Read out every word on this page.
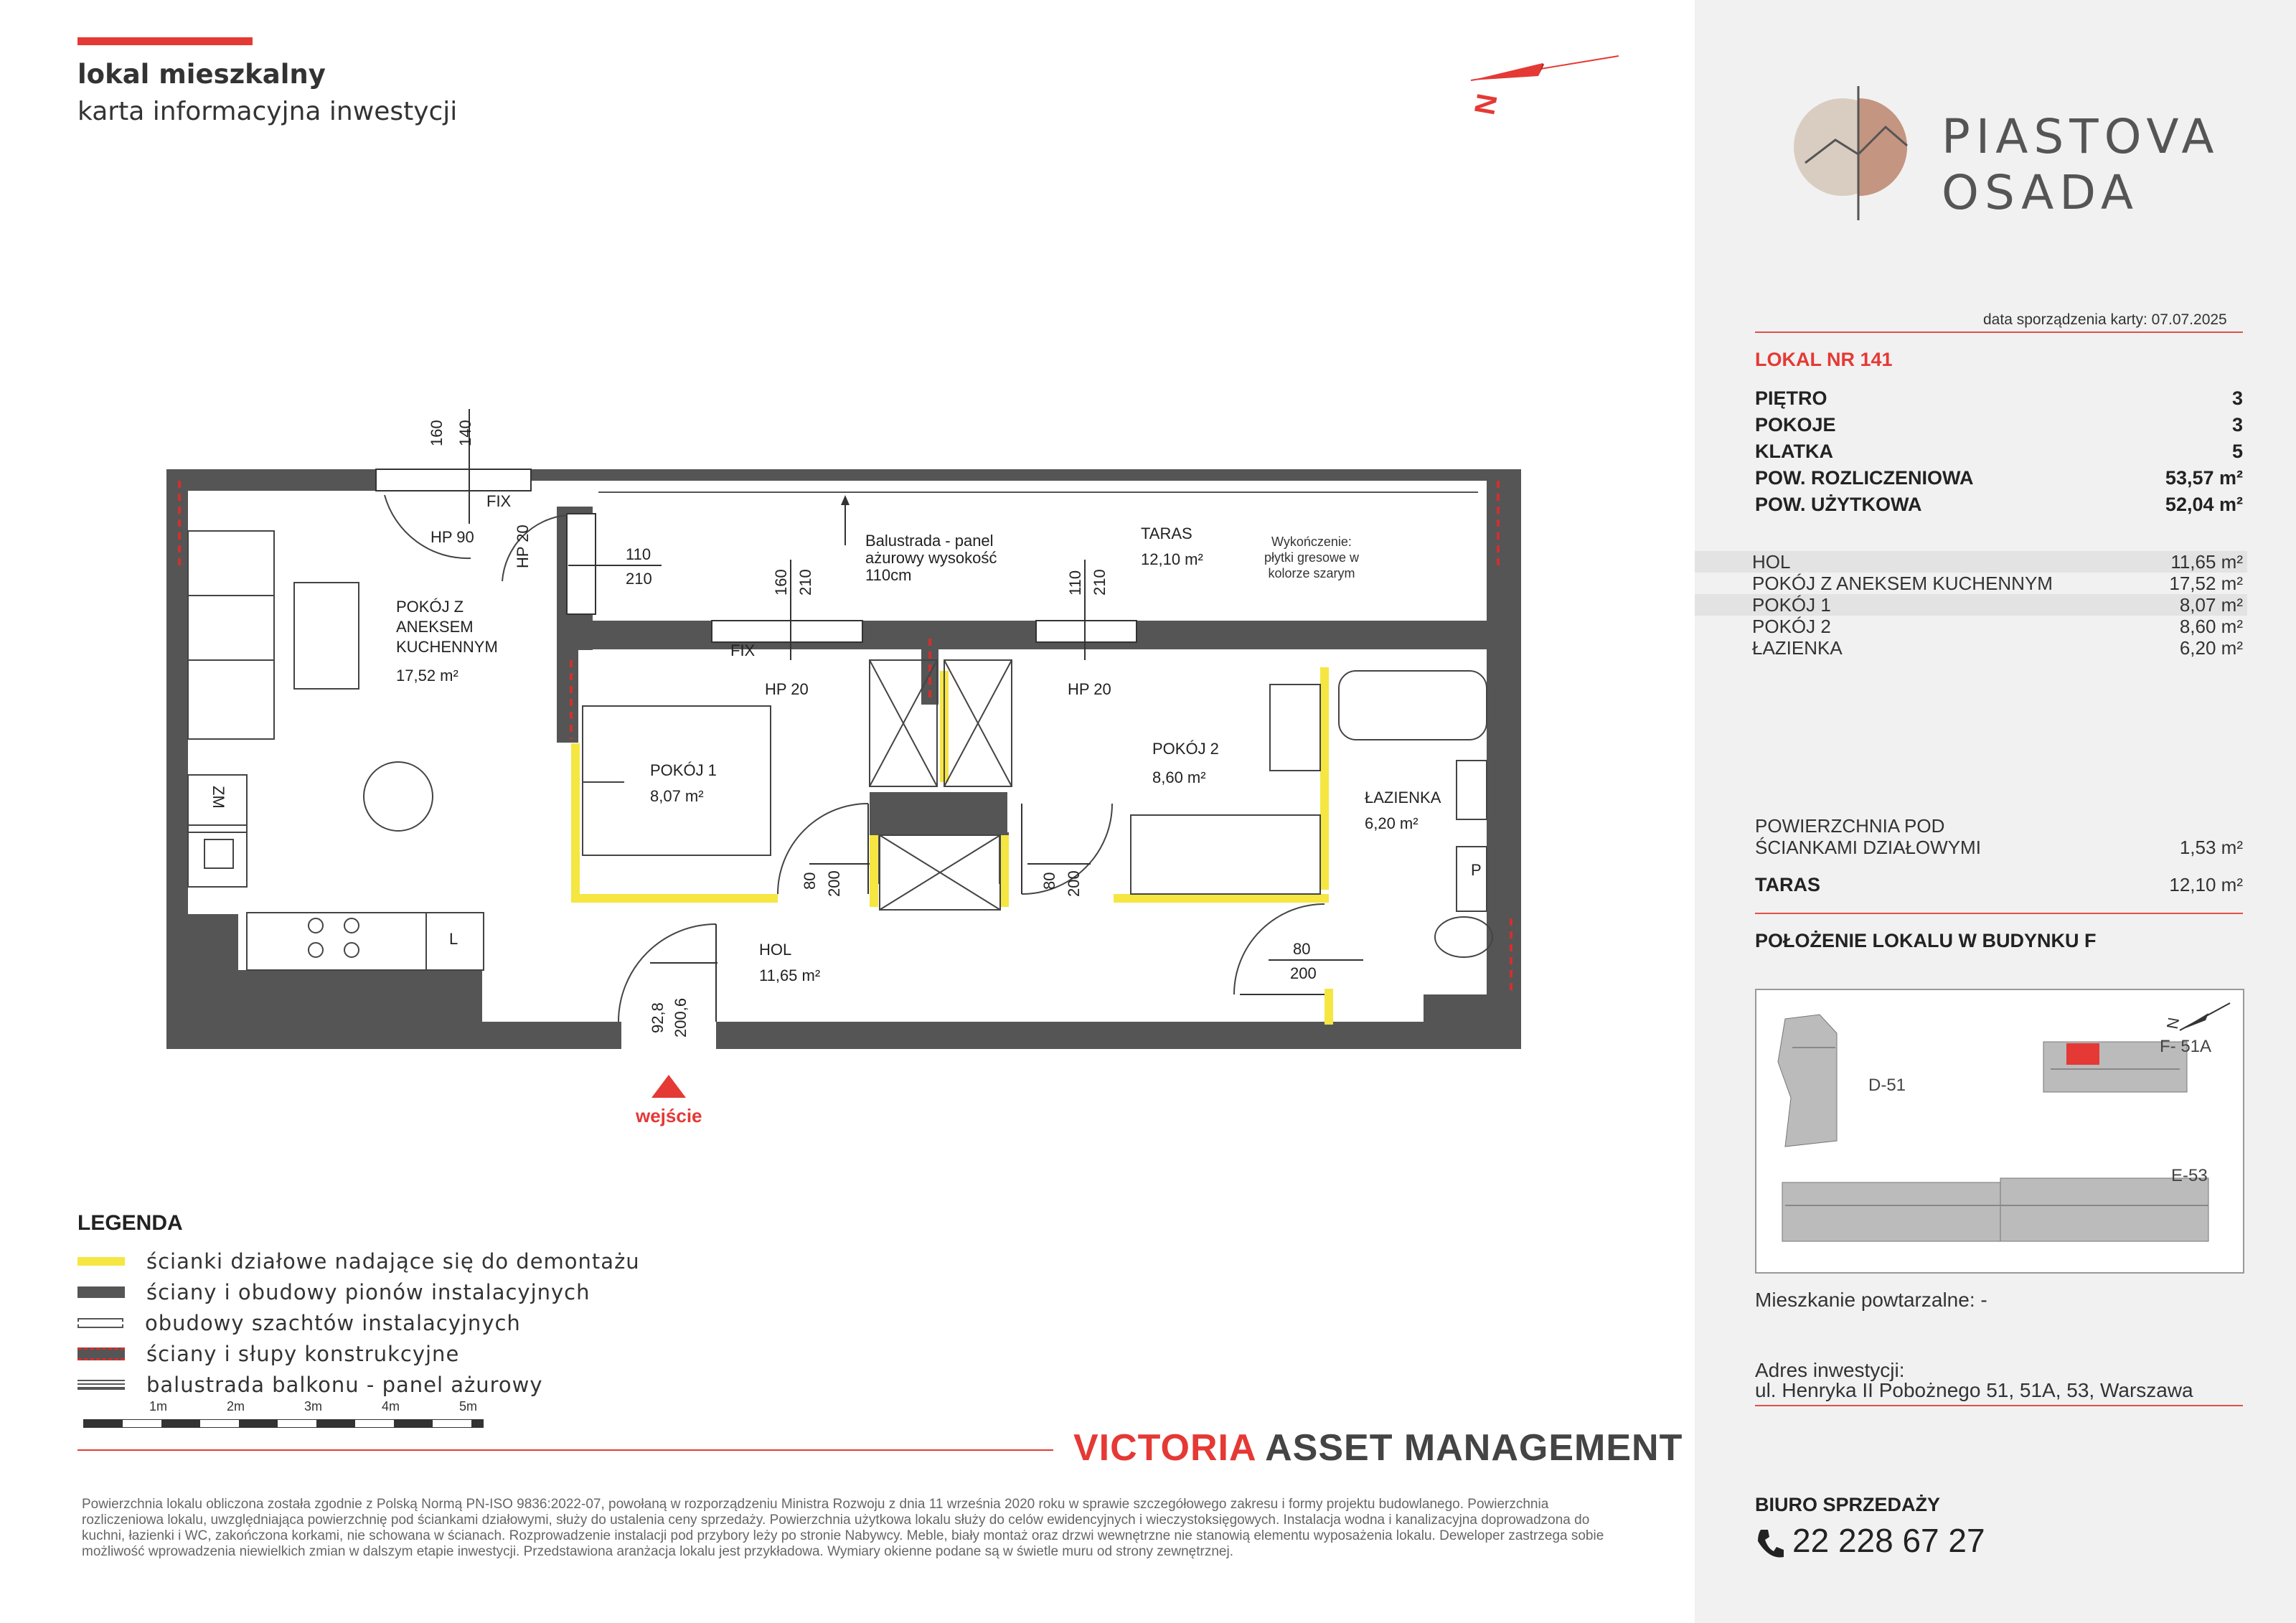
lokal mieszkalny
karta informacyjna inwestycji	N
PIASTOVA
OSADA
data sporządzenia karty: 07.07.2025
LOKAL NR 141
PIĘTRO	3
POKOJE	3
KLATKA	5
POW. ROZLICZENIOWA	53,57 m²
POW. UŻYTKOWA	52,04 m²
HOL	11,65 m²
POKÓJ Z ANEKSEM KUCHENNYM	17,52 m²
POKÓJ 1	8,07 m²
POKÓJ 2	8,60 m²
ŁAZIENKA	6,20 m²
POWIERZCHNIA POD
ŚCIANKAMI DZIAŁOWYMI	1,53 m²
TARAS	12,10 m²
POŁOŻENIE LOKALU W BUDYNKU F
N
D-51
F- 51A
E-53
Mieszkanie powtarzalne: -
Adres inwestycji:
ul. Henryka II Pobożnego 51, 51A, 53, Warszawa
BIURO SPRZEDAŻY
22 228 67 27
POKÓJ Z
ANEKSEM
KUCHENNYM
17,52 m²
POKÓJ 1
8,07 m²
POKÓJ 2
8,60 m²
ŁAZIENKA
6,20 m²
HOL
11,65 m²
TARAS
12,10 m²
Balustrada - panel
ażurowy wysokość
110cm
Wykończenie:
płytki gresowe w
kolorze szarym
HP 90
FIX
FIX
HP 20	HP 20
HP 20
ZM
L
P
160 140
110
210	160 210	110 210
80 200	80 200
80
200
92,8 200,6
wejście
LEGENDA
ścianki działowe nadające się do demontażu
ściany i obudowy pionów instalacyjnych
obudowy szachtów instalacyjnych
ściany i słupy konstrukcyjne
balustrada balkonu - panel ażurowy
1m	2m	3m	4m	5m
VICTORIA ASSET MANAGEMENT
Powierzchnia lokalu obliczona została zgodnie z Polską Normą PN-ISO 9836:2022-07, powołaną w rozporządzeniu Ministra Rozwoju z dnia 11 września 2020 roku w sprawie szczegółowego zakresu i formy projektu budowlanego. Powierzchnia rozliczeniowa lokalu, uwzględniająca powierzchnię pod ściankami działowymi, służy do ustalenia ceny sprzedaży. Powierzchnia użytkowa lokalu służy do celów ewidencyjnych i wieczystoksięgowych. Instalacja wodna i kanalizacyjna doprowadzona do kuchni, łazienki i WC, zakończona korkami, nie schowana w ścianach. Rozprowadzenie instalacji pod przybory leży po stronie Nabywcy. Meble, biały montaż oraz drzwi wewnętrzne nie stanowią elementu wyposażenia lokalu. Deweloper zastrzega sobie możliwość wprowadzenia niewielkich zmian w dalszym etapie inwestycji. Przedstawiona aranżacja lokalu jest przykładowa. Wymiary okienne podane są w świetle muru od strony zewnętrznej.
